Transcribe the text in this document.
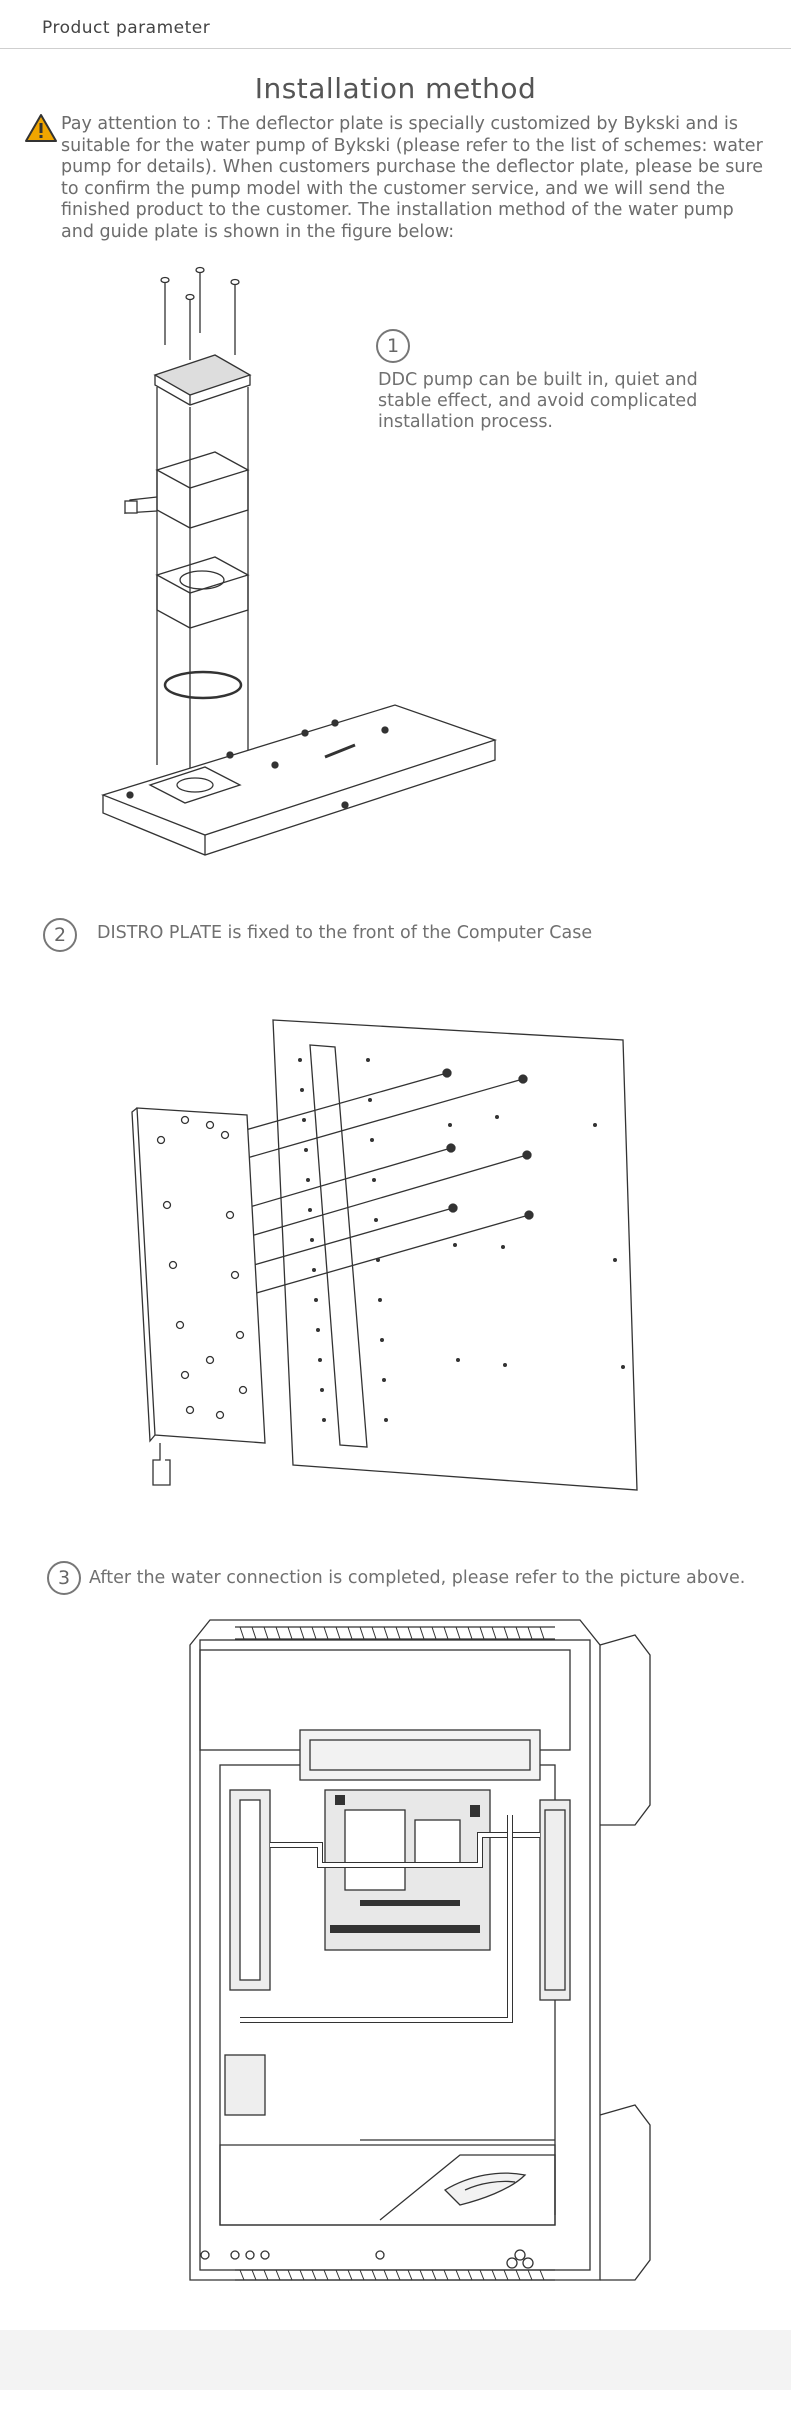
Product parameter
Installation method
Pay attention to : The deflector plate is specially customized by Bykski and is suitable for the water pump of Bykski (please refer to the list of schemes: water pump for details). When customers purchase the deflector plate, please be sure to confirm the pump model with the customer service, and we will send the finished product to the customer. The installation method of the water pump and guide plate is shown in the figure below:
1
DDC pump can be built in, quiet and stable effect, and avoid complicated installation process.
2	DISTRO PLATE is fixed to the front of the Computer Case
3	After the water connection is completed, please refer to the picture above.
